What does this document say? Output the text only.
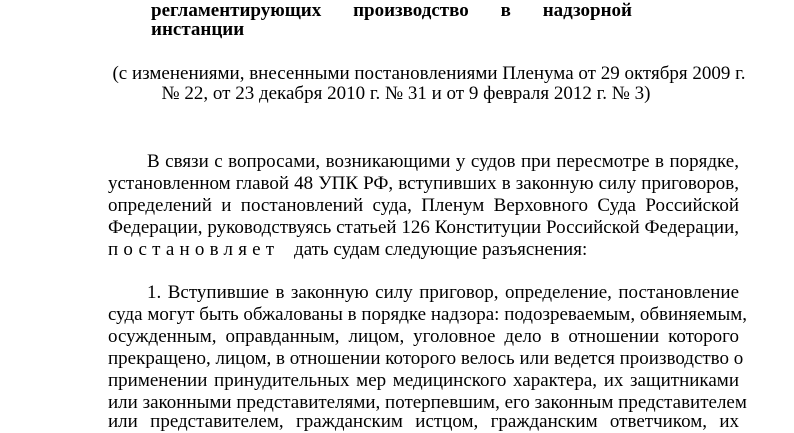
регламентирующих производство в надзорной

инстанции

(с изменениями, внесенными постановлениями Пленума от 29 октября 2009 г.

№ 22, от 23 декабря 2010 г. № 31 и от 9 февраля 2012 г. № 3)

В связи с вопросами, возникающими у судов при пересмотре в порядке,

установленном главой 48 УПК РФ, вступивших в законную силу приговоров,

определений и постановлений суда, Пленум Верховного Суда Российской

Федерации, руководствуясь статьей 126 Конституции Российской Федерации,

постановляет дать судам следующие разъяснения:

1. Вступившие в законную силу приговор, определение, постановление

суда могут быть обжалованы в порядке надзора: подозреваемым, обвиняемым,

осужденным, оправданным, лицом, уголовное дело в отношении которого

прекращено, лицом, в отношении которого велось или ведется производство о

применении принудительных мер медицинского характера, их защитниками

или законными представителями, потерпевшим, его законным представителем

или представителем, гражданским истцом, гражданским ответчиком, их
